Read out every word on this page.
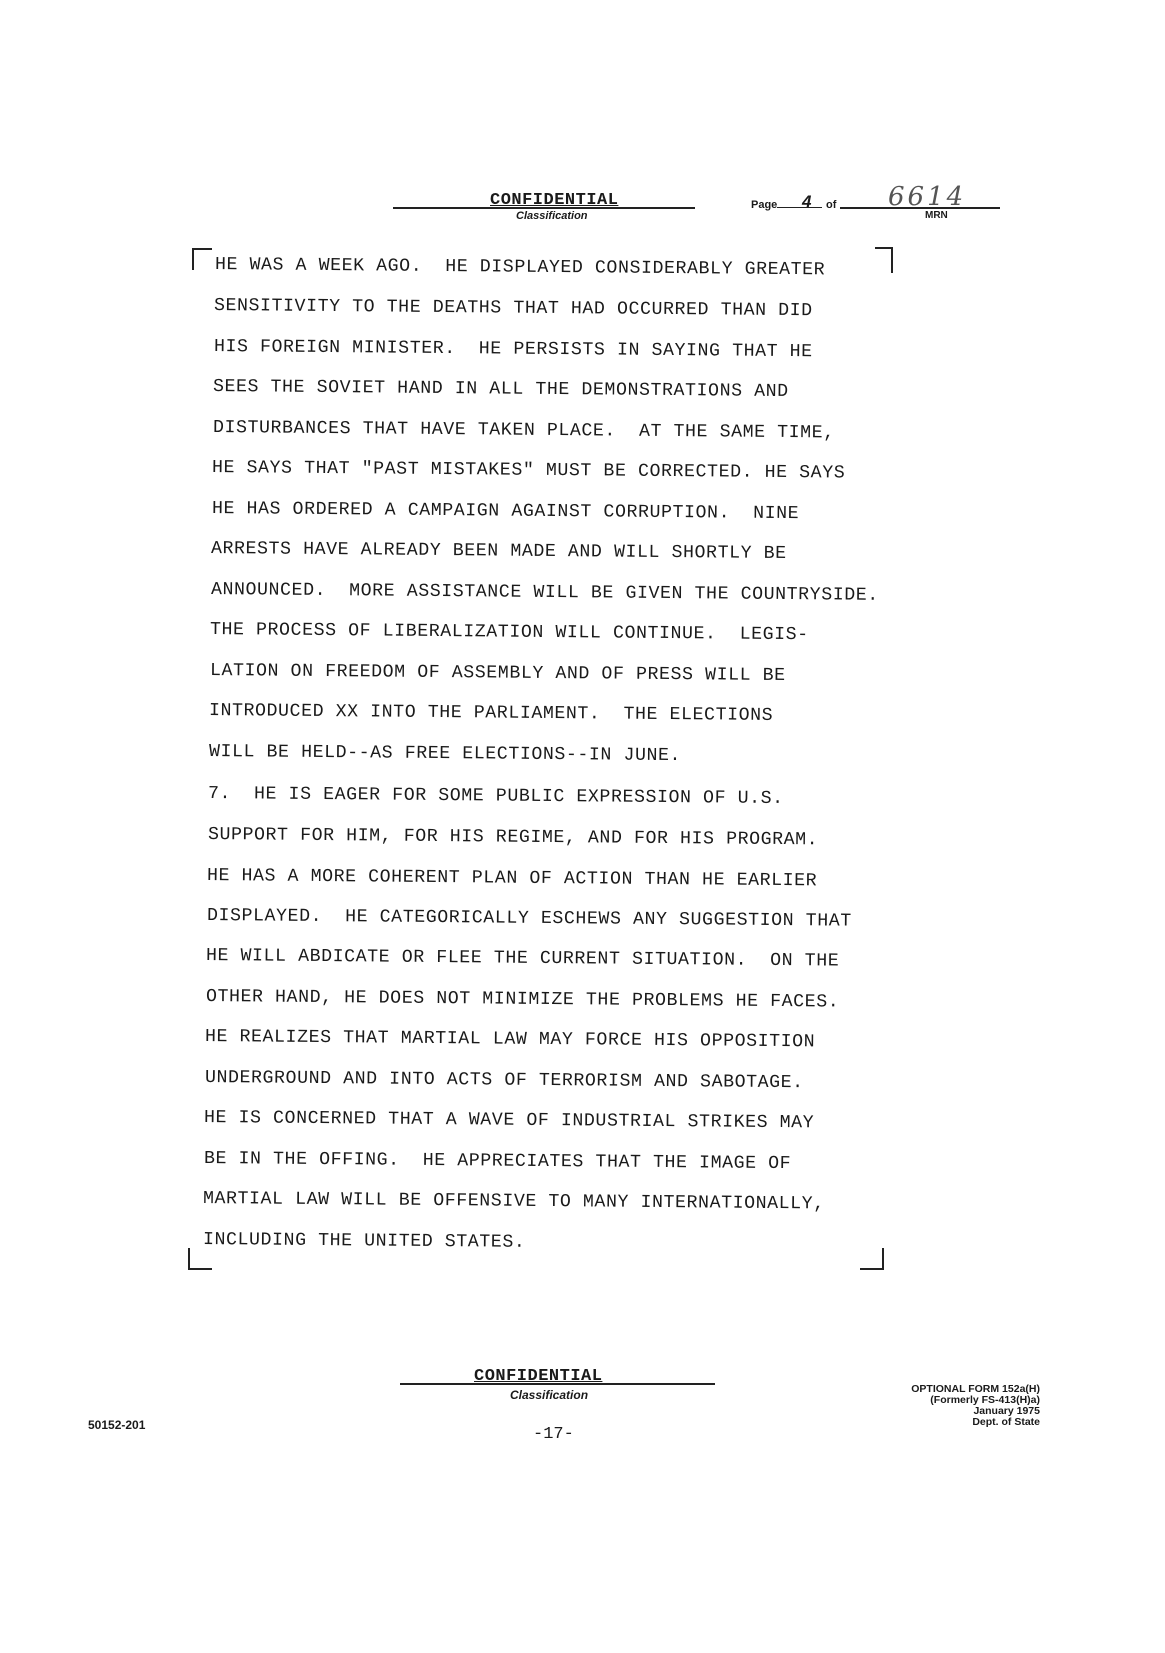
CONFIDENTIAL
Classification
Page 4 of 6614
MRN
HE WAS A WEEK AGO.  HE DISPLAYED CONSIDERABLY GREATER
SENSITIVITY TO THE DEATHS THAT HAD OCCURRED THAN DID
HIS FOREIGN MINISTER.  HE PERSISTS IN SAYING THAT HE
SEES THE SOVIET HAND IN ALL THE DEMONSTRATIONS AND
DISTURBANCES THAT HAVE TAKEN PLACE.  AT THE SAME TIME,
HE SAYS THAT "PAST MISTAKES" MUST BE CORRECTED. HE SAYS
HE HAS ORDERED A CAMPAIGN AGAINST CORRUPTION.  NINE
ARRESTS HAVE ALREADY BEEN MADE AND WILL SHORTLY BE
ANNOUNCED.  MORE ASSISTANCE WILL BE GIVEN THE COUNTRYSIDE.
THE PROCESS OF LIBERALIZATION WILL CONTINUE.  LEGIS-
LATION ON FREEDOM OF ASSEMBLY AND OF PRESS WILL BE
INTRODUCED XX INTO THE PARLIAMENT.  THE ELECTIONS
WILL BE HELD--AS FREE ELECTIONS--IN JUNE.
7.  HE IS EAGER FOR SOME PUBLIC EXPRESSION OF U.S.
SUPPORT FOR HIM, FOR HIS REGIME, AND FOR HIS PROGRAM.
HE HAS A MORE COHERENT PLAN OF ACTION THAN HE EARLIER
DISPLAYED.  HE CATEGORICALLY ESCHEWS ANY SUGGESTION THAT
HE WILL ABDICATE OR FLEE THE CURRENT SITUATION.  ON THE
OTHER HAND, HE DOES NOT MINIMIZE THE PROBLEMS HE FACES.
HE REALIZES THAT MARTIAL LAW MAY FORCE HIS OPPOSITION
UNDERGROUND AND INTO ACTS OF TERRORISM AND SABOTAGE.
HE IS CONCERNED THAT A WAVE OF INDUSTRIAL STRIKES MAY
BE IN THE OFFING.  HE APPRECIATES THAT THE IMAGE OF
MARTIAL LAW WILL BE OFFENSIVE TO MANY INTERNATIONALLY,
INCLUDING THE UNITED STATES.
CONFIDENTIAL
Classification
-17-
50152-201
OPTIONAL FORM 152a(H)
(Formerly FS-413(H)a)
January 1975
Dept. of State
